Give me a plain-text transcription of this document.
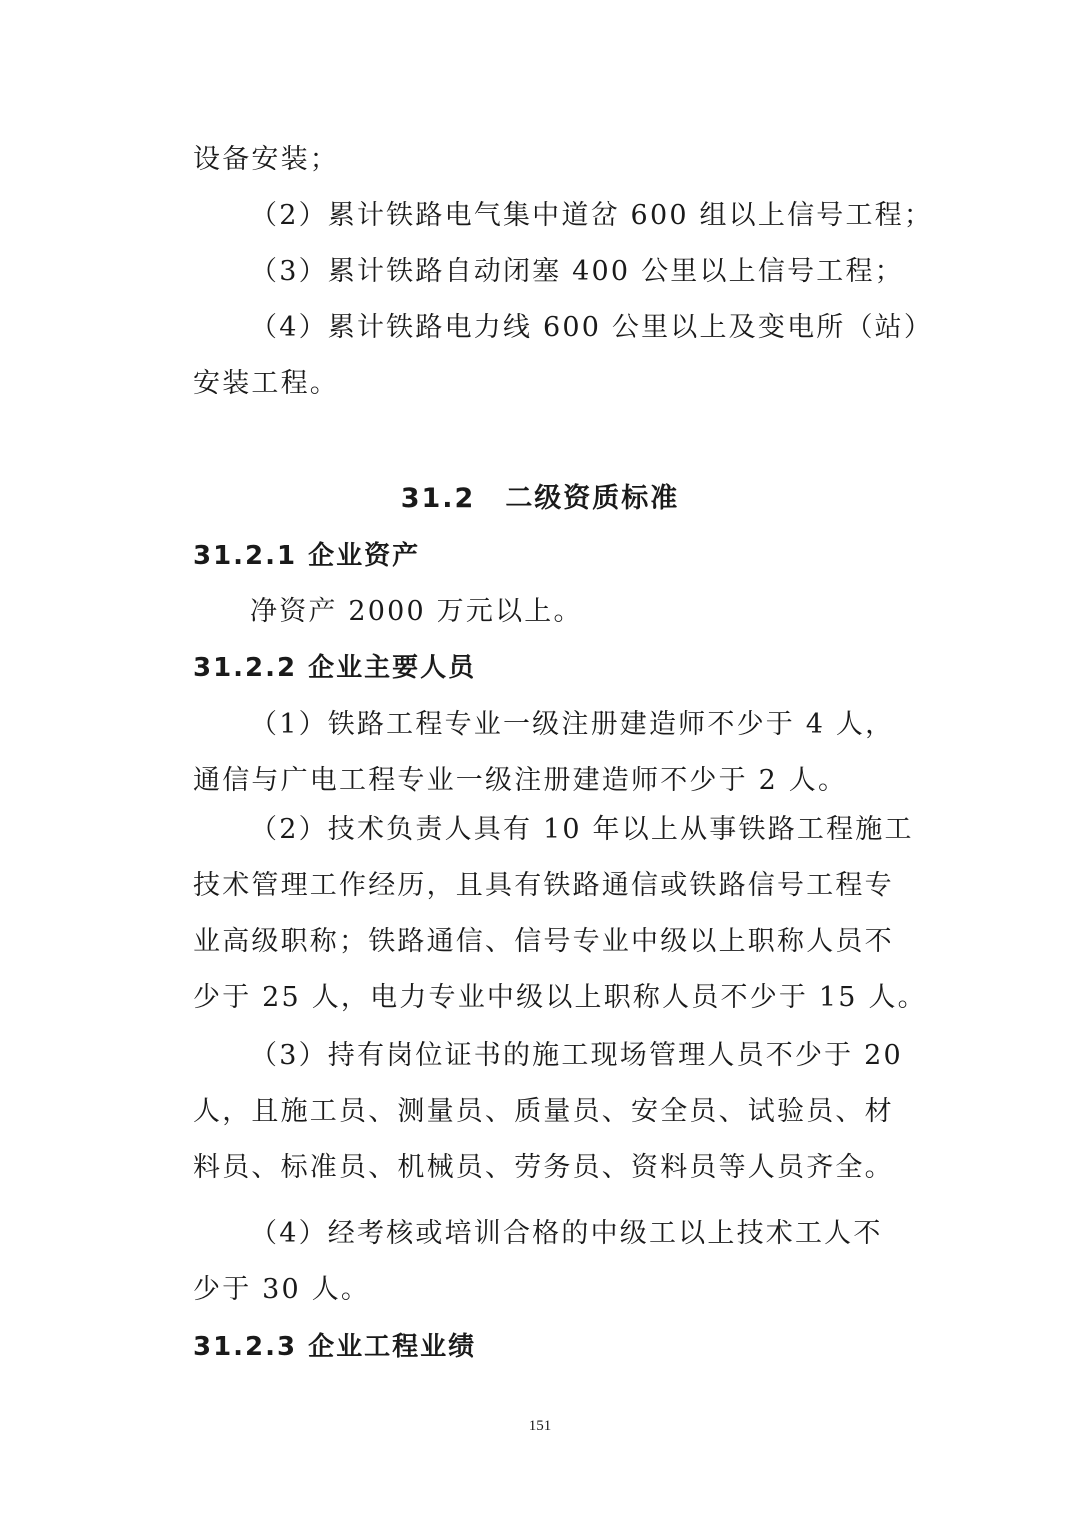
设备安装；
（2）累计铁路电气集中道岔 600 组以上信号工程；
（3）累计铁路自动闭塞 400 公里以上信号工程；
（4）累计铁路电力线 600 公里以上及变电所（站）
安装工程。
31.2 二级资质标准
31.2.1 企业资产
净资产 2000 万元以上。
31.2.2 企业主要人员
（1）铁路工程专业一级注册建造师不少于 4 人，
通信与广电工程专业一级注册建造师不少于 2 人。
（2）技术负责人具有 10 年以上从事铁路工程施工
技术管理工作经历，且具有铁路通信或铁路信号工程专
业高级职称；铁路通信、信号专业中级以上职称人员不
少于 25 人，电力专业中级以上职称人员不少于 15 人。
（3）持有岗位证书的施工现场管理人员不少于 20
人，且施工员、测量员、质量员、安全员、试验员、材
料员、标准员、机械员、劳务员、资料员等人员齐全。
（4）经考核或培训合格的中级工以上技术工人不
少于 30 人。
31.2.3 企业工程业绩
151
